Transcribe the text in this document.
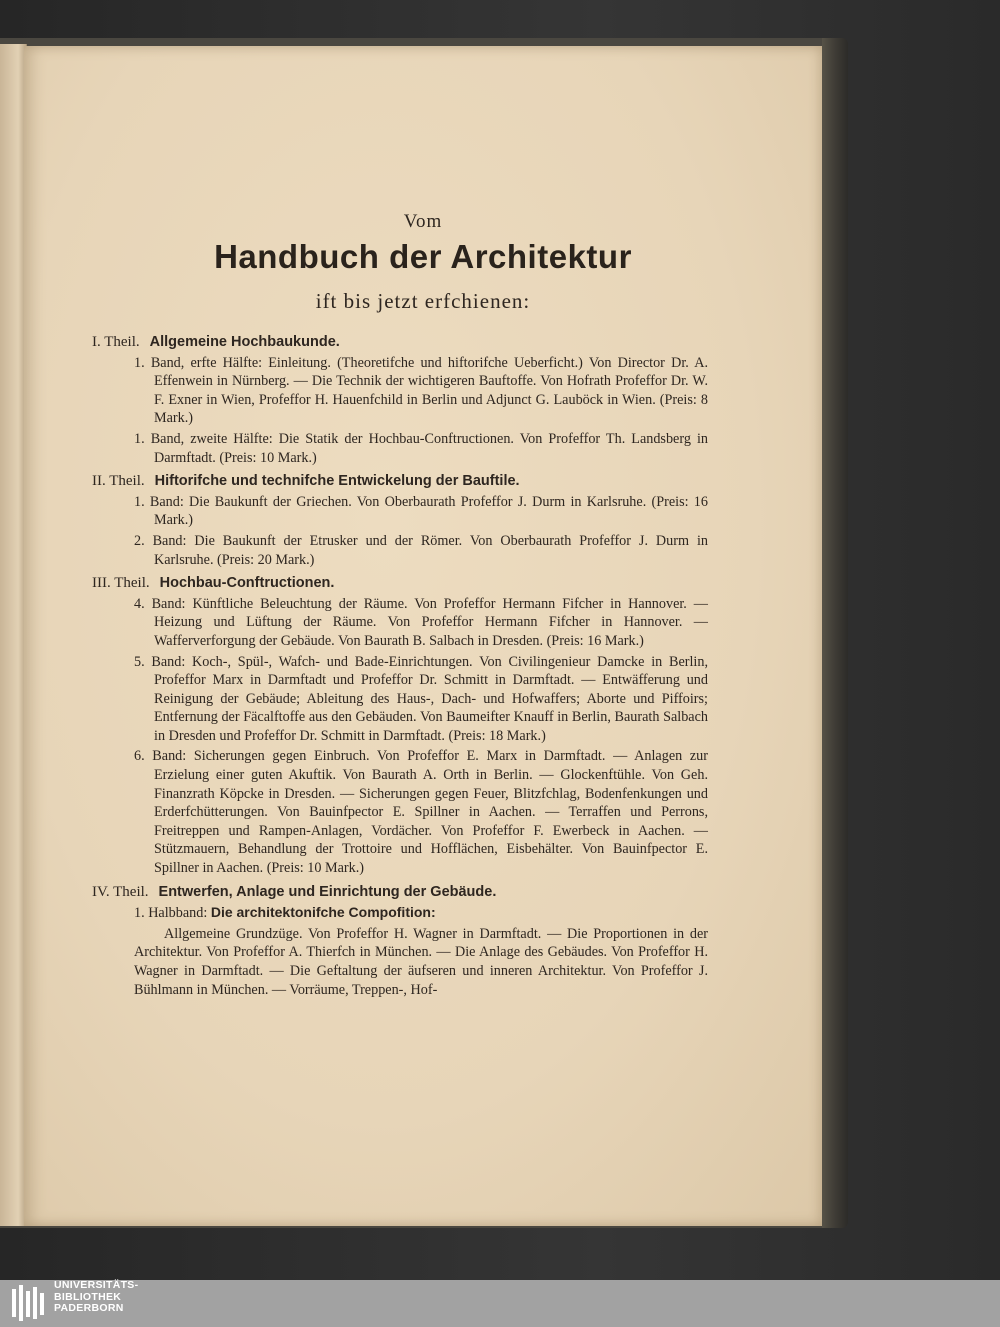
Vom
Handbuch der Architektur
ift bis jetzt erfchienen:
I. Theil. Allgemeine Hochbaukunde.
1. Band, erfte Hälfte: Einleitung. (Theoretifche und hiftorifche Ueberficht.) Von Director Dr. A. Effenwein in Nürnberg. — Die Technik der wichtigeren Bauftoffe. Von Hofrath Profeffor Dr. W. F. Exner in Wien, Profeffor H. Hauenfchild in Berlin und Adjunct G. Lauböck in Wien. (Preis: 8 Mark.)
1. Band, zweite Hälfte: Die Statik der Hochbau-Conftructionen. Von Profeffor Th. Landsberg in Darmftadt. (Preis: 10 Mark.)
II. Theil. Hiftorifche und technifche Entwickelung der Bauftile.
1. Band: Die Baukunft der Griechen. Von Oberbaurath Profeffor J. Durm in Karlsruhe. (Preis: 16 Mark.)
2. Band: Die Baukunft der Etrusker und der Römer. Von Oberbaurath Profeffor J. Durm in Karlsruhe. (Preis: 20 Mark.)
III. Theil. Hochbau-Conftructionen.
4. Band: Künftliche Beleuchtung der Räume. Von Profeffor Hermann Fifcher in Hannover. — Heizung und Lüftung der Räume. Von Profeffor Hermann Fifcher in Hannover. — Wafferverforgung der Gebäude. Von Baurath B. Salbach in Dresden. (Preis: 16 Mark.)
5. Band: Koch-, Spül-, Wafch- und Bade-Einrichtungen. Von Civilingenieur Damcke in Berlin, Profeffor Marx in Darmftadt und Profeffor Dr. Schmitt in Darmftadt. — Entwäfferung und Reinigung der Gebäude; Ableitung des Haus-, Dach- und Hofwaffers; Aborte und Piffoirs; Entfernung der Fäcalftoffe aus den Gebäuden. Von Baumeifter Knauff in Berlin, Baurath Salbach in Dresden und Profeffor Dr. Schmitt in Darmftadt. (Preis: 18 Mark.)
6. Band: Sicherungen gegen Einbruch. Von Profeffor E. Marx in Darmftadt. — Anlagen zur Erzielung einer guten Akuftik. Von Baurath A. Orth in Berlin. — Glockenftühle. Von Geh. Finanzrath Köpcke in Dresden. — Sicherungen gegen Feuer, Blitzfchlag, Bodenfenkungen und Erderfchütterungen. Von Bauinfpector E. Spillner in Aachen. — Terraffen und Perrons, Freitreppen und Rampen-Anlagen, Vordächer. Von Profeffor F. Ewerbeck in Aachen. — Stützmauern, Behandlung der Trottoire und Hofflächen, Eisbehälter. Von Bauinfpector E. Spillner in Aachen. (Preis: 10 Mark.)
IV. Theil. Entwerfen, Anlage und Einrichtung der Gebäude.
1. Halbband: Die architektonifche Compofition:
Allgemeine Grundzüge. Von Profeffor H. Wagner in Darmftadt. — Die Proportionen in der Architektur. Von Profeffor A. Thierfch in München. — Die Anlage des Gebäudes. Von Profeffor H. Wagner in Darmftadt. — Die Geftaltung der äufseren und inneren Architektur. Von Profeffor J. Bühlmann in München. — Vorräume, Treppen-, Hof-
UNIVERSITÄTS-
BIBLIOTHEK
PADERBORN
